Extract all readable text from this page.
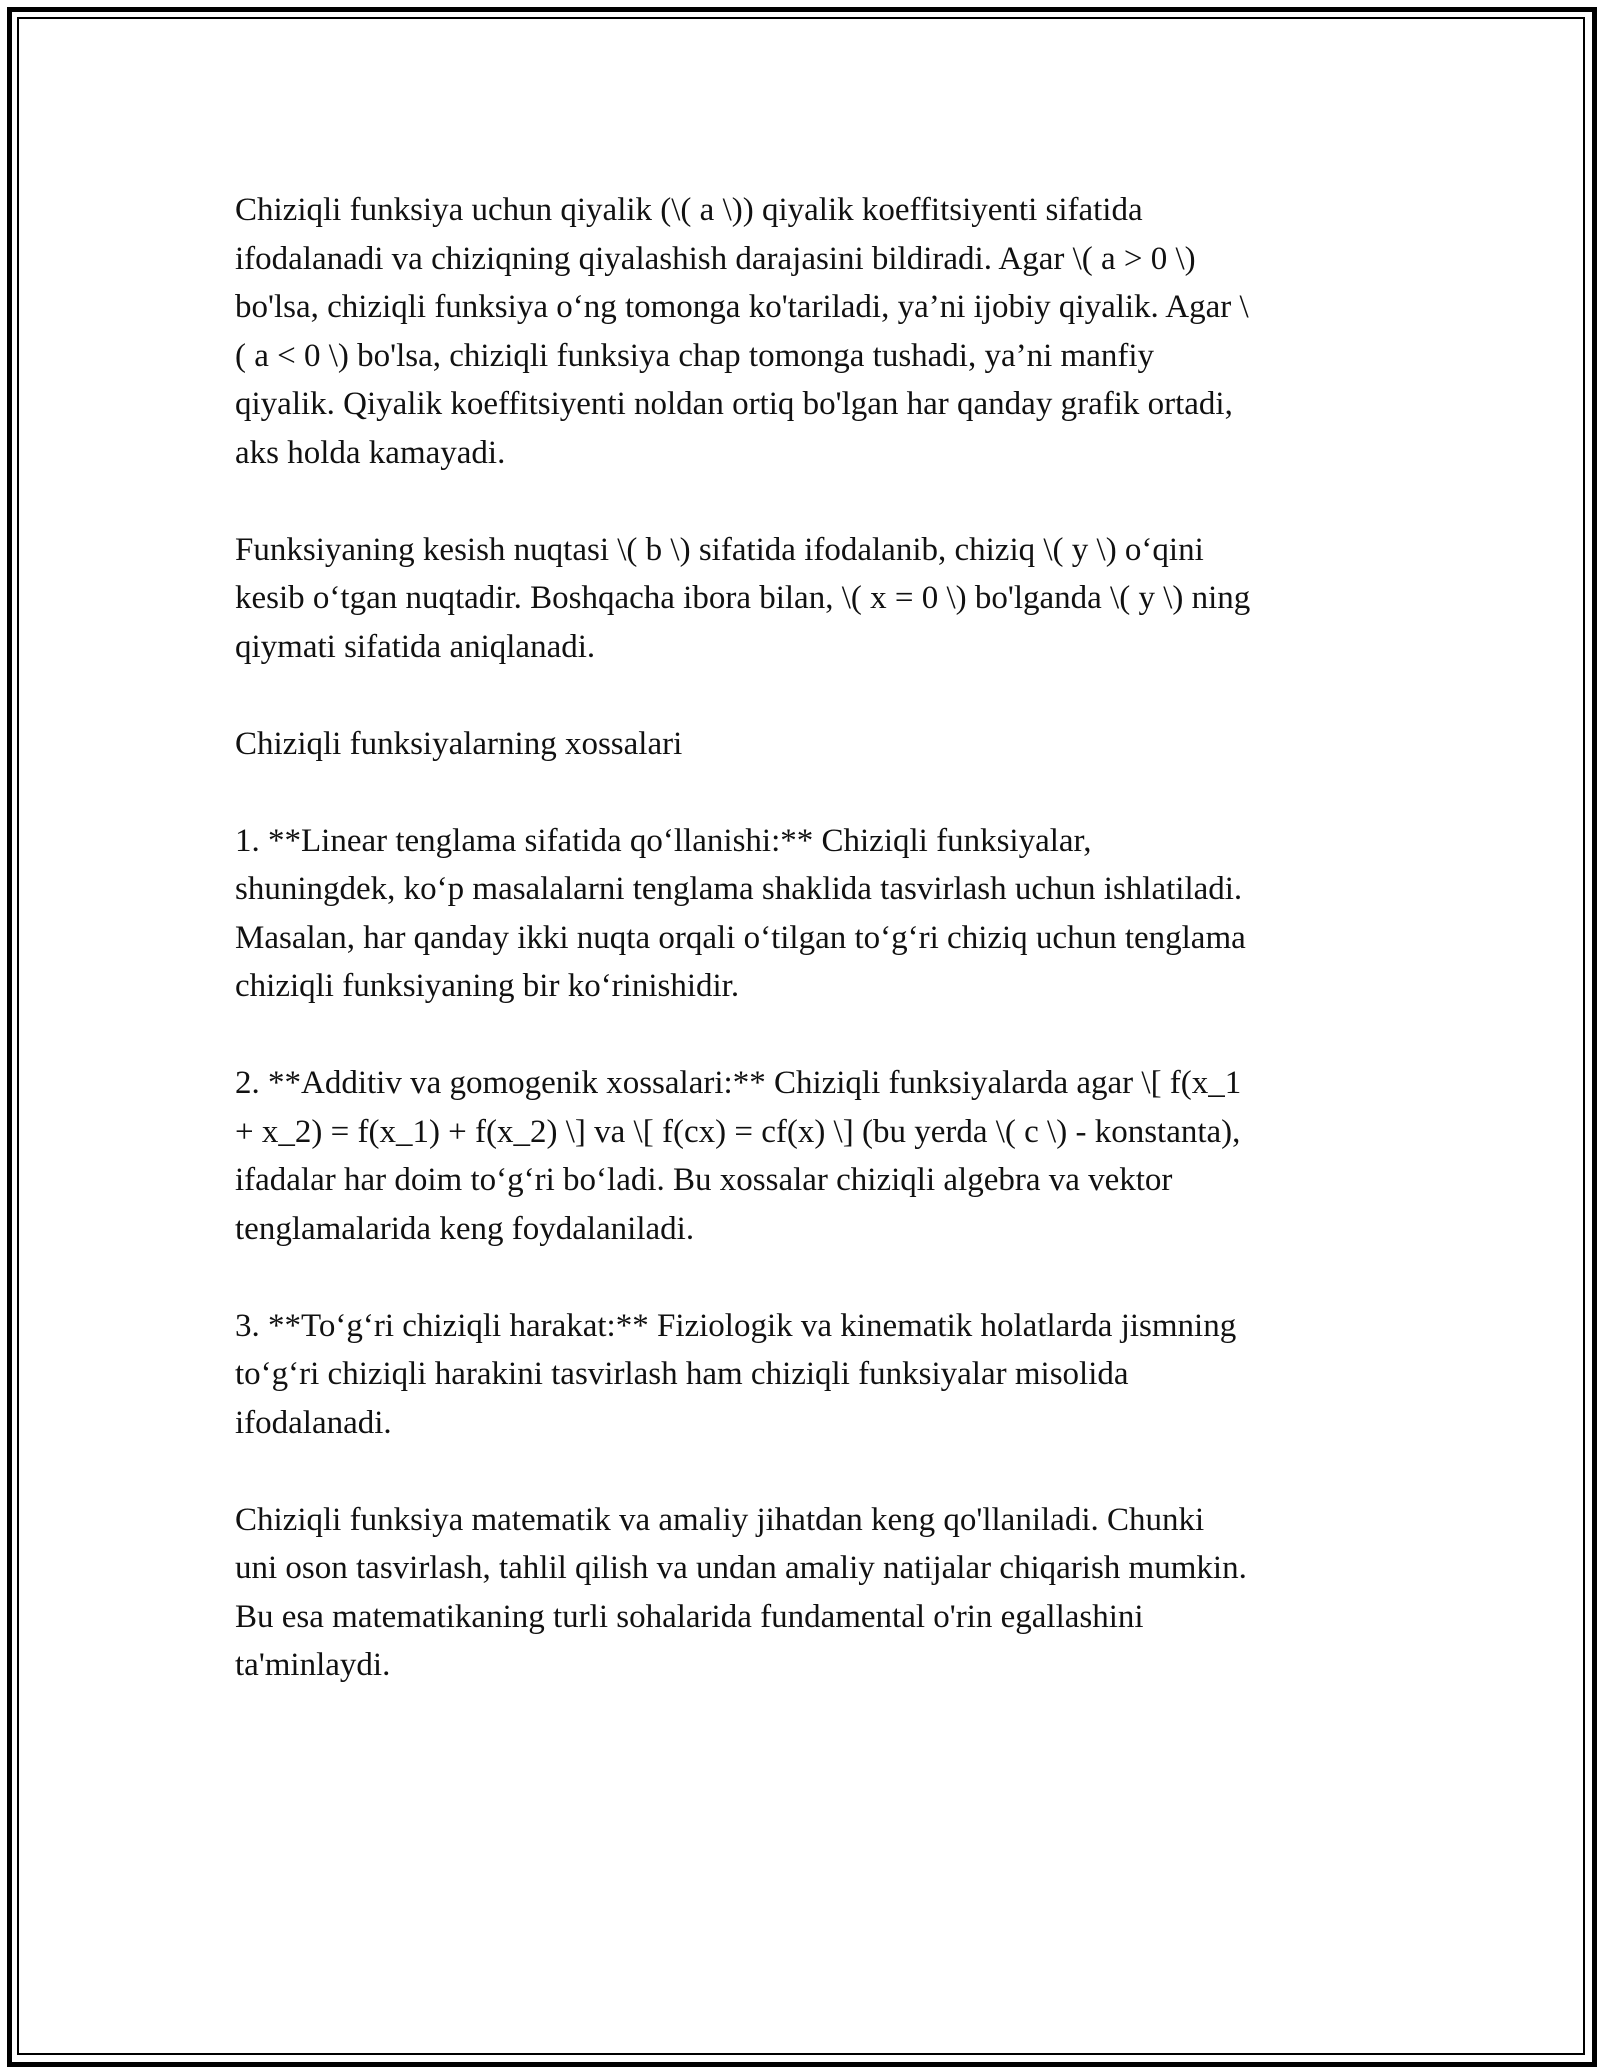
Chiziqli funksiya uchun qiyalik (\( a \)) qiyalik koeffitsiyenti sifatida
ifodalanadi va chiziqning qiyalashish darajasini bildiradi. Agar \( a > 0 \)
bo'lsa, chiziqli funksiya o‘ng tomonga ko'tariladi, ya’ni ijobiy qiyalik. Agar \
( a < 0 \) bo'lsa, chiziqli funksiya chap tomonga tushadi, ya’ni manfiy
qiyalik. Qiyalik koeffitsiyenti noldan ortiq bo'lgan har qanday grafik ortadi,
aks holda kamayadi.

Funksiyaning kesish nuqtasi \( b \) sifatida ifodalanib, chiziq \( y \) o‘qini
kesib o‘tgan nuqtadir. Boshqacha ibora bilan, \( x = 0 \) bo'lganda \( y \) ning
qiymati sifatida aniqlanadi.

Chiziqli funksiyalarning xossalari

1. **Linear tenglama sifatida qo‘llanishi:** Chiziqli funksiyalar,
shuningdek, ko‘p masalalarni tenglama shaklida tasvirlash uchun ishlatiladi.
Masalan, har qanday ikki nuqta orqali o‘tilgan to‘g‘ri chiziq uchun tenglama
chiziqli funksiyaning bir ko‘rinishidir.

2. **Additiv va gomogenik xossalari:** Chiziqli funksiyalarda agar \[ f(x_1
+ x_2) = f(x_1) + f(x_2) \] va \[ f(cx) = cf(x) \] (bu yerda \( c \) - konstanta),
ifadalar har doim to‘g‘ri bo‘ladi. Bu xossalar chiziqli algebra va vektor
tenglamalarida keng foydalaniladi.

3. **To‘g‘ri chiziqli harakat:** Fiziologik va kinematik holatlarda jismning
to‘g‘ri chiziqli harakini tasvirlash ham chiziqli funksiyalar misolida
ifodalanadi.

Chiziqli funksiya matematik va amaliy jihatdan keng qo'llaniladi. Chunki
uni oson tasvirlash, tahlil qilish va undan amaliy natijalar chiqarish mumkin.
Bu esa matematikaning turli sohalarida fundamental o'rin egallashini
ta'minlaydi.
